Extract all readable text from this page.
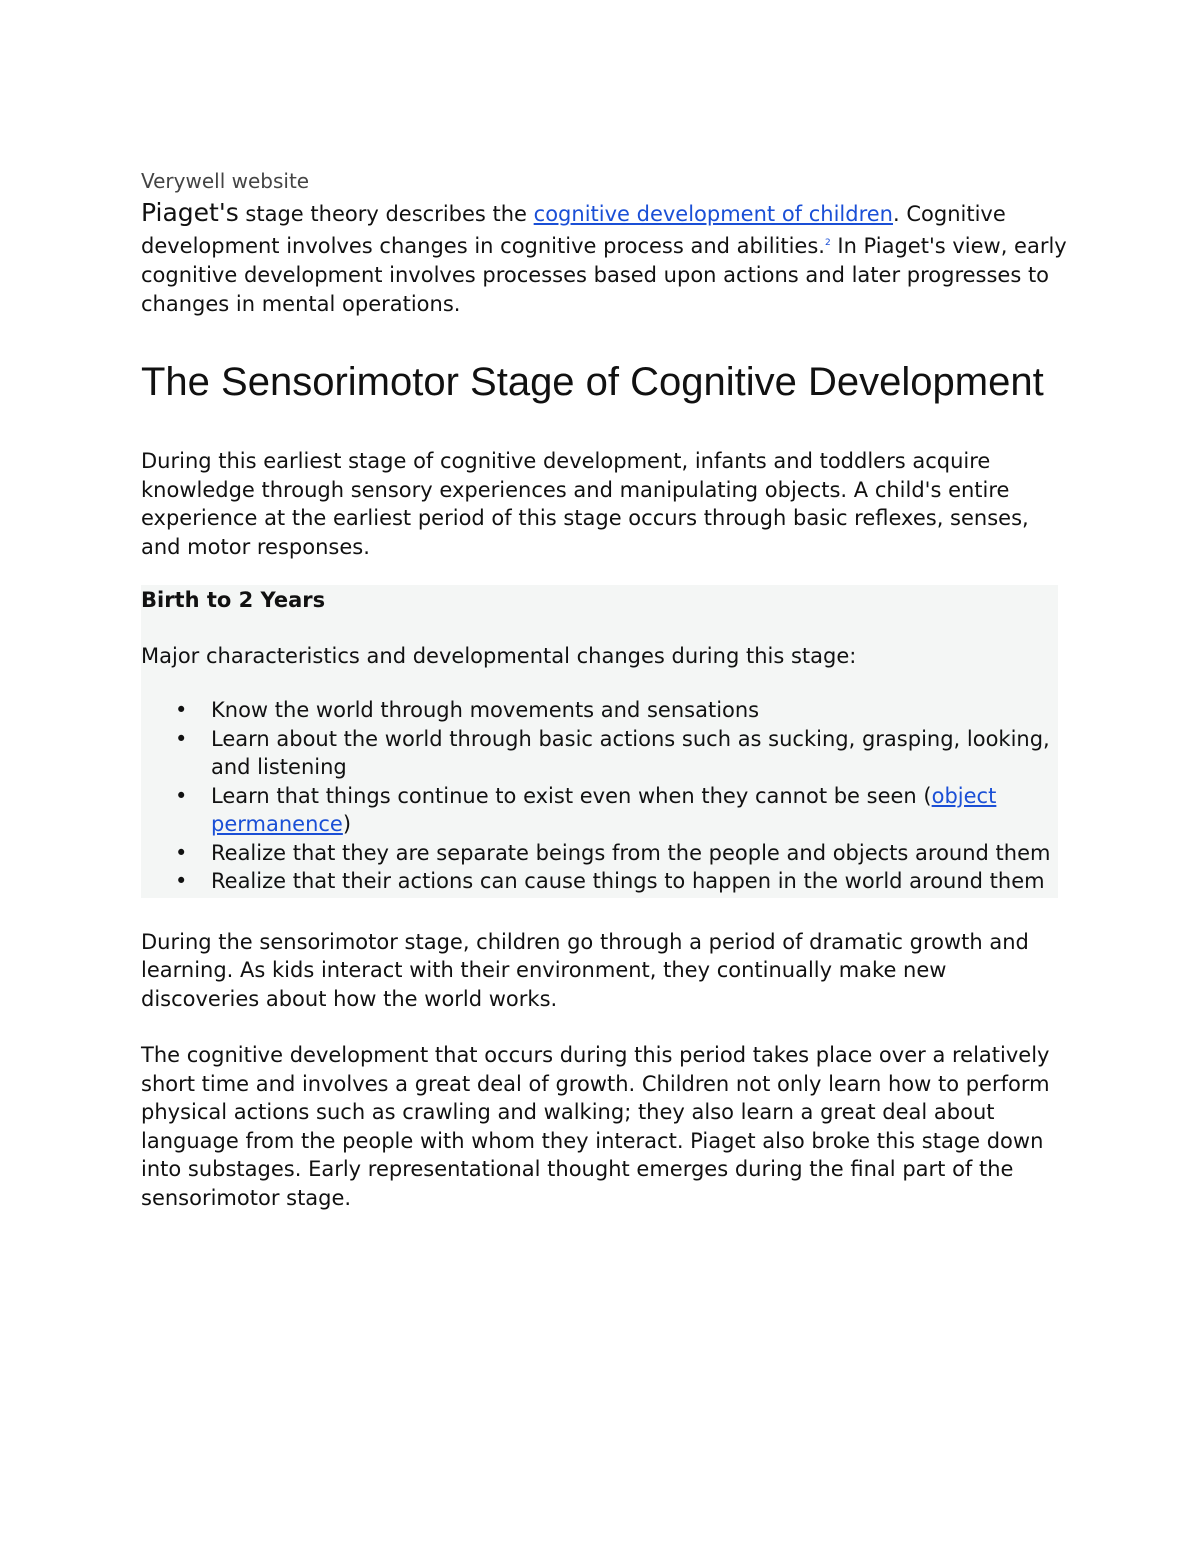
Verywell website

Piaget's stage theory describes the cognitive development of children. Cognitive development involves changes in cognitive process and abilities.$^2$ In Piaget's view, early cognitive development involves processes based upon actions and later progresses to changes in mental operations.

The Sensorimotor Stage of Cognitive Development

During this earliest stage of cognitive development, infants and toddlers acquire knowledge through sensory experiences and manipulating objects. A child's entire experience at the earliest period of this stage occurs through basic reflexes, senses, and motor responses.

Birth to 2 Years

Major characteristics and developmental changes during this stage:

• Know the world through movements and sensations
• Learn about the world through basic actions such as sucking, grasping, looking, and listening
• Learn that things continue to exist even when they cannot be seen (object permanence)
• Realize that they are separate beings from the people and objects around them
• Realize that their actions can cause things to happen in the world around them

During the sensorimotor stage, children go through a period of dramatic growth and learning. As kids interact with their environment, they continually make new discoveries about how the world works.

The cognitive development that occurs during this period takes place over a relatively short time and involves a great deal of growth. Children not only learn how to perform physical actions such as crawling and walking; they also learn a great deal about language from the people with whom they interact. Piaget also broke this stage down into substages. Early representational thought emerges during the final part of the sensorimotor stage.
